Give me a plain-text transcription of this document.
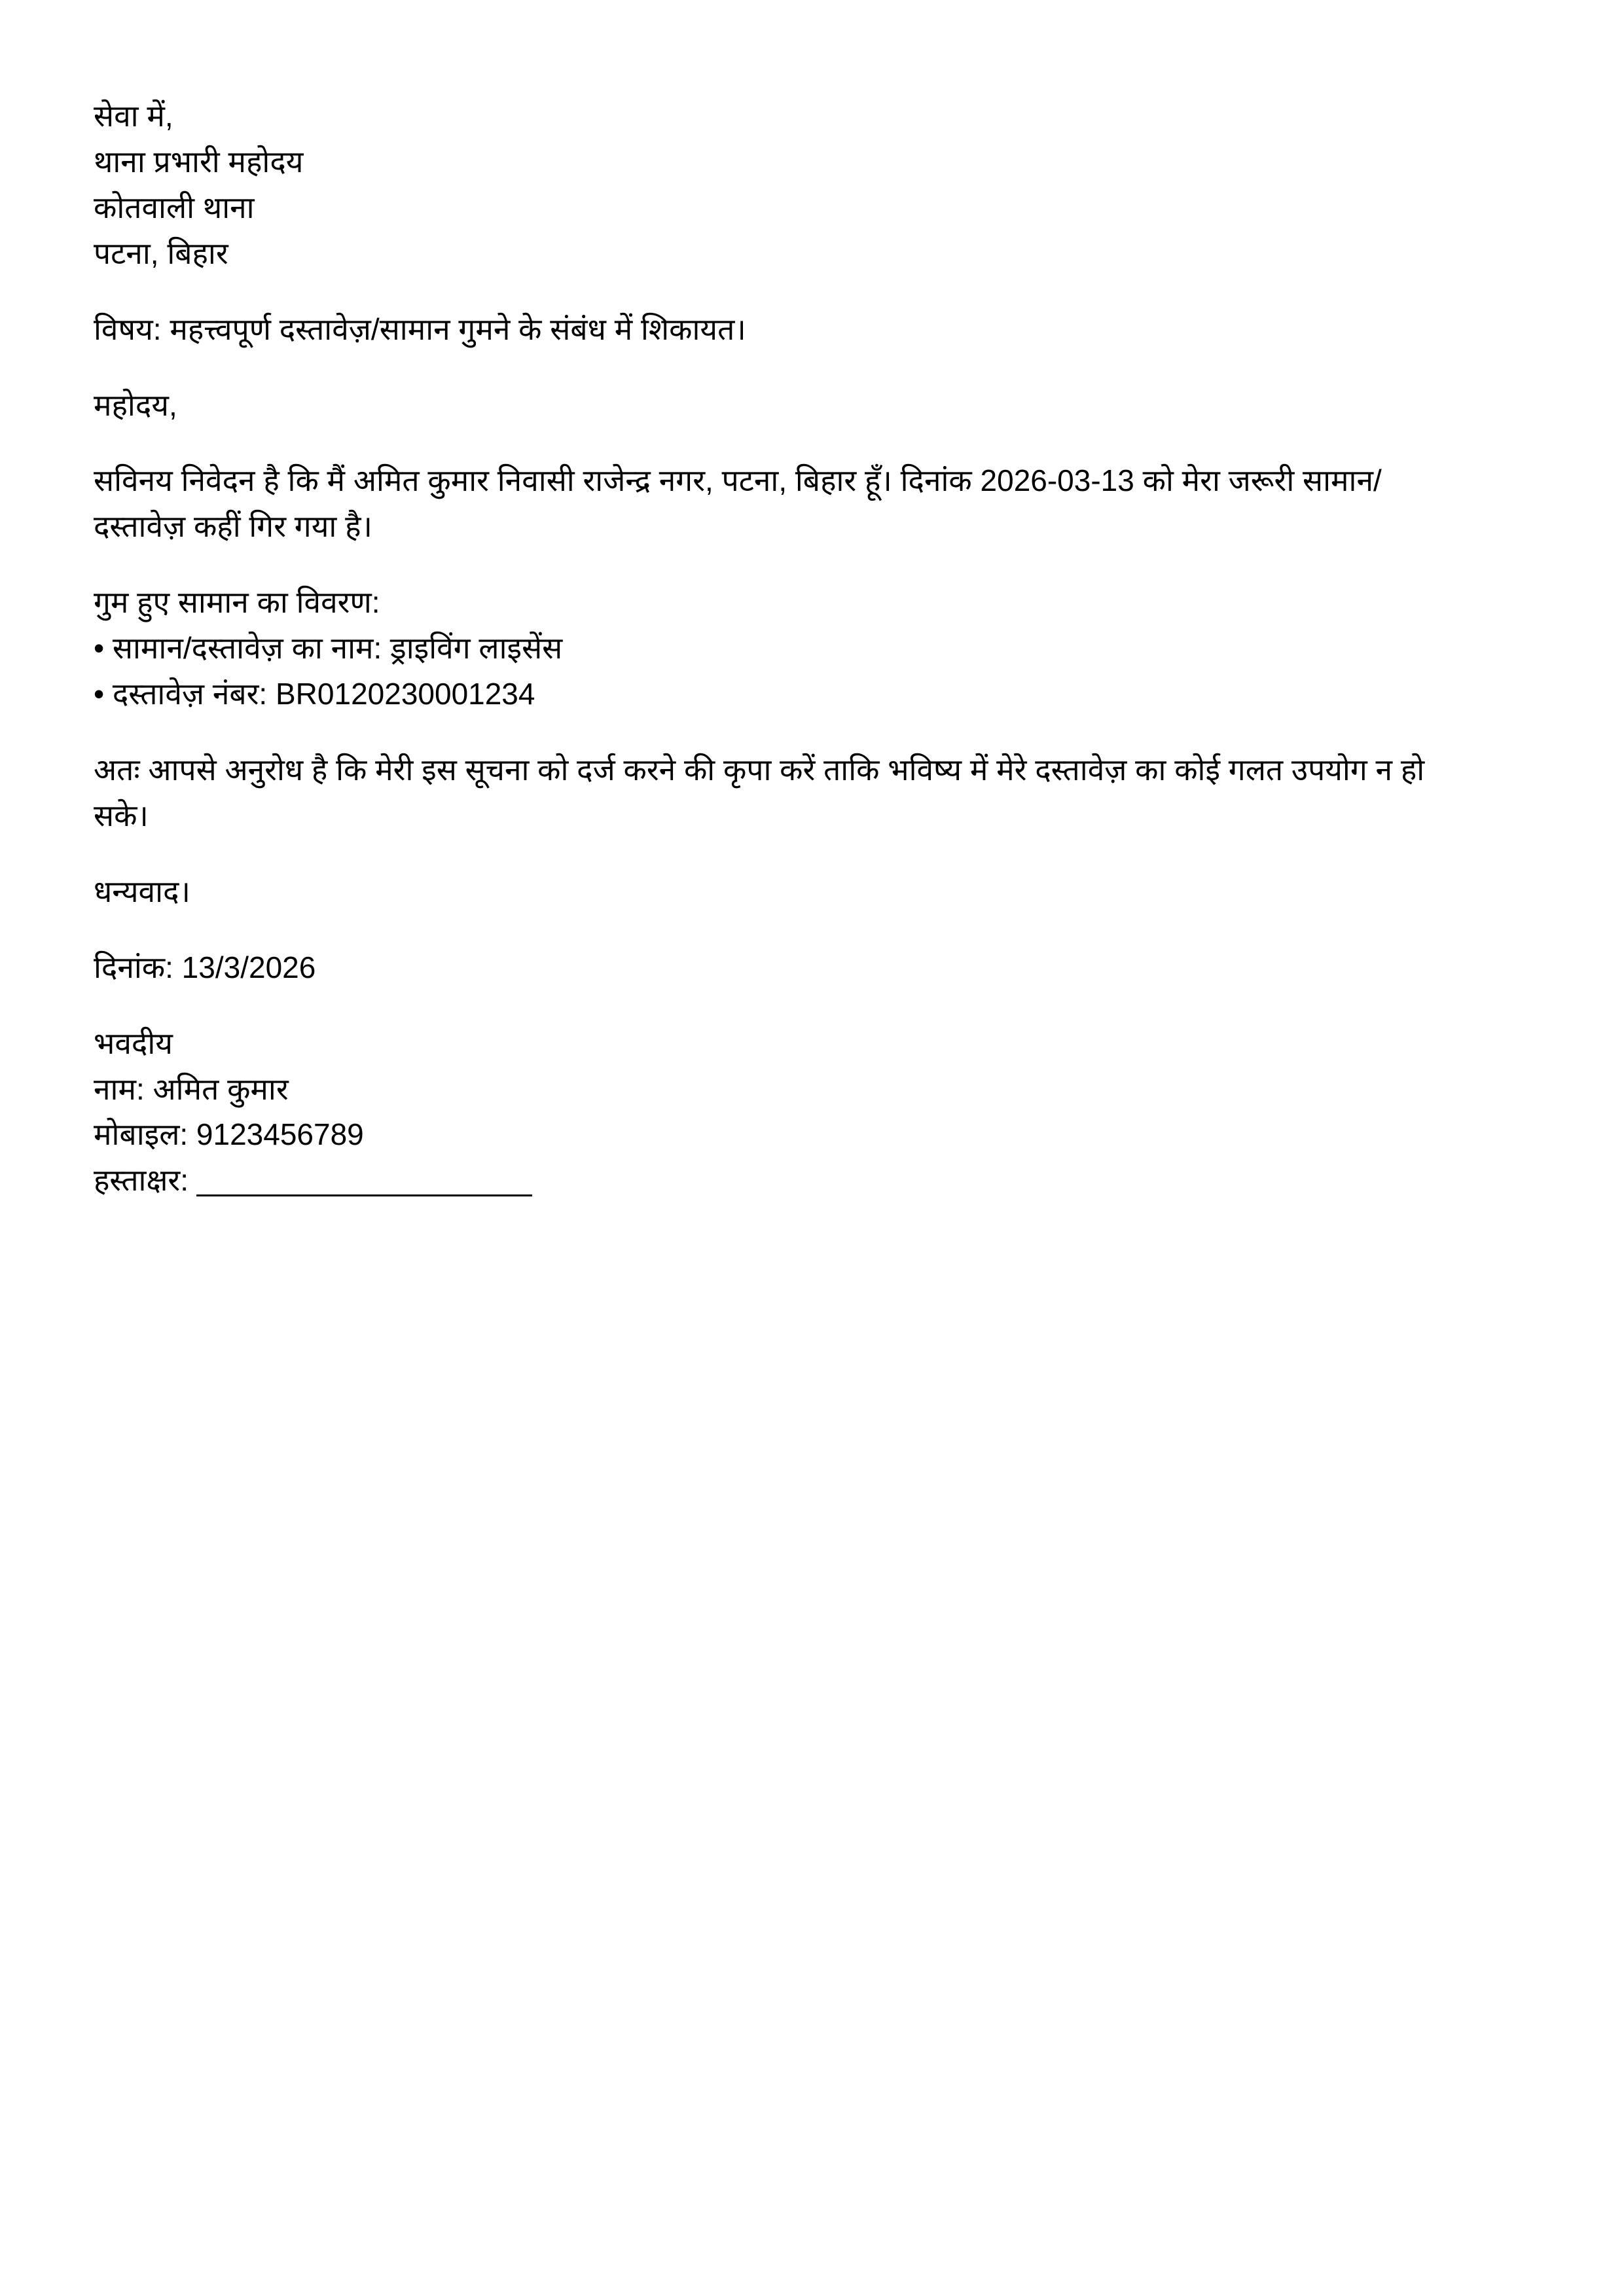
सेवा में,
थाना प्रभारी महोदय
कोतवाली थाना
पटना, बिहार
विषय: महत्त्वपूर्ण दस्तावेज़/सामान गुमने के संबंध में शिकायत।
महोदय,
सविनय निवेदन है कि मैं अमित कुमार निवासी राजेन्द्र नगर, पटना, बिहार हूँ। दिनांक 2026-03-13 को मेरा जरूरी सामान/दस्तावेज़ कहीं गिर गया है।
गुम हुए सामान का विवरण:
• सामान/दस्तावेज़ का नाम: ड्राइविंग लाइसेंस
• दस्तावेज़ नंबर: BR0120230001234
अतः आपसे अनुरोध है कि मेरी इस सूचना को दर्ज करने की कृपा करें ताकि भविष्य में मेरे दस्तावेज़ का कोई गलत उपयोग न हो सके।
धन्यवाद।
दिनांक: 13/3/2026
भवदीय
नाम: अमित कुमार
मोबाइल: 9123456789
हस्ताक्षर: ____________________
